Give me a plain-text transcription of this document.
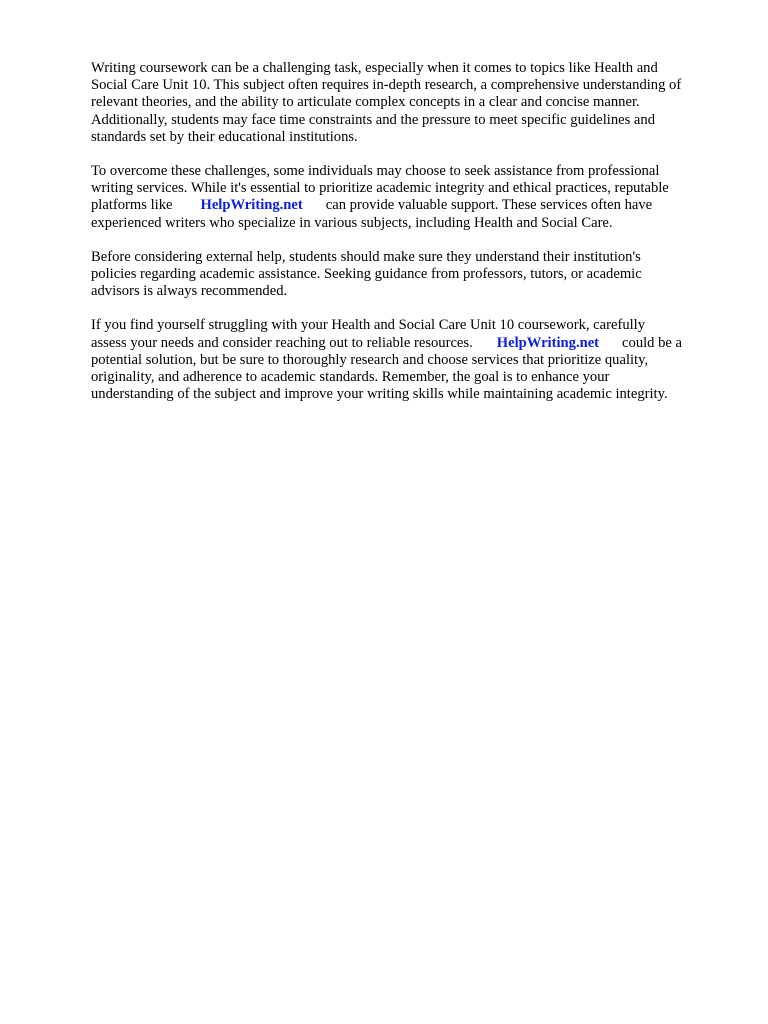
Writing coursework can be a challenging task, especially when it comes to topics like Health and
Social Care Unit 10. This subject often requires in-depth research, a comprehensive understanding of
relevant theories, and the ability to articulate complex concepts in a clear and concise manner.
Additionally, students may face time constraints and the pressure to meet specific guidelines and
standards set by their educational institutions.

To overcome these challenges, some individuals may choose to seek assistance from professional
writing services. While it's essential to prioritize academic integrity and ethical practices, reputable
platforms like HelpWriting.net can provide valuable support. These services often have
experienced writers who specialize in various subjects, including Health and Social Care.

Before considering external help, students should make sure they understand their institution's
policies regarding academic assistance. Seeking guidance from professors, tutors, or academic
advisors is always recommended.

If you find yourself struggling with your Health and Social Care Unit 10 coursework, carefully
assess your needs and consider reaching out to reliable resources. HelpWriting.net could be a
potential solution, but be sure to thoroughly research and choose services that prioritize quality,
originality, and adherence to academic standards. Remember, the goal is to enhance your
understanding of the subject and improve your writing skills while maintaining academic integrity.
